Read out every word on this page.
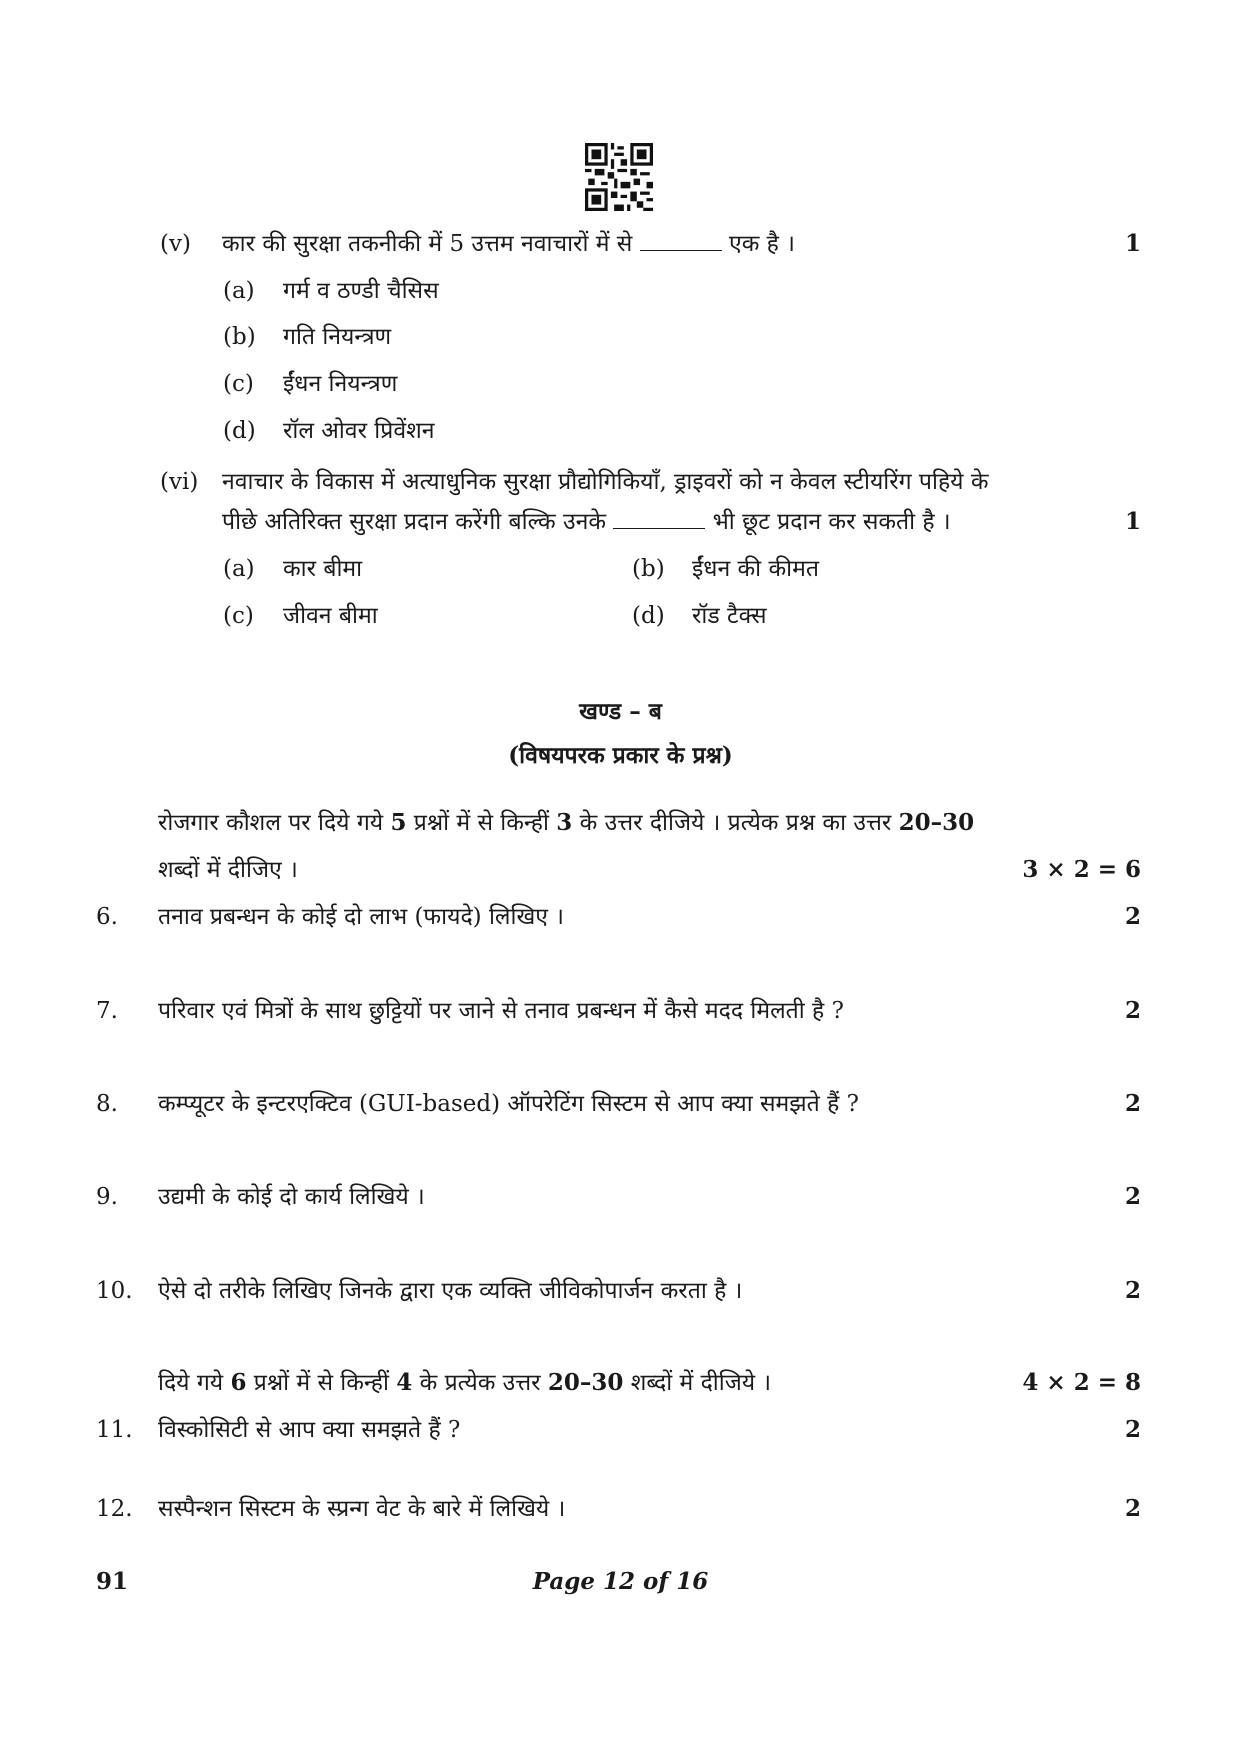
(v) कार की सुरक्षा तकनीकी में 5 उत्तम नवाचारों में से	एक है ।	1
(a) गर्म व ठण्डी चैसिस
(b) गति नियन्त्रण
(c) ईंधन नियन्त्रण
(d) रॉल ओवर प्रिवेंशन
(vi) नवाचार के विकास में अत्याधुनिक सुरक्षा प्रौद्योगिकियाँ, ड्राइवरों को न केवल स्टीयरिंग पहिये के
पीछे अतिरिक्त सुरक्षा प्रदान करेंगी बल्कि उनके	भी छूट प्रदान कर सकती है ।	1
(a) कार बीमा	(b) ईंधन की कीमत
(c) जीवन बीमा	(d) रॉड टैक्स
खण्ड – ब
(विषयपरक प्रकार के प्रश्न)
रोजगार कौशल पर दिये गये 5 प्रश्नों में से किन्हीं 3 के उत्तर दीजिये । प्रत्येक प्रश्न का उत्तर 20–30
शब्दों में दीजिए ।	3 × 2 = 6
6. तनाव प्रबन्धन के कोई दो लाभ (फायदे) लिखिए ।	2
7. परिवार एवं मित्रों के साथ छुट्टियों पर जाने से तनाव प्रबन्धन में कैसे मदद मिलती है ?	2
8. कम्प्यूटर के इन्टरएक्टिव (GUI-based) ऑपरेटिंग सिस्टम से आप क्या समझते हैं ?	2
9. उद्यमी के कोई दो कार्य लिखिये ।	2
10. ऐसे दो तरीके लिखिए जिनके द्वारा एक व्यक्ति जीविकोपार्जन करता है ।	2
दिये गये 6 प्रश्नों में से किन्हीं 4 के प्रत्येक उत्तर 20–30 शब्दों में दीजिये ।	4 × 2 = 8
11. विस्कोसिटी से आप क्या समझते हैं ?	2
12. सस्पैन्शन सिस्टम के स्प्रन्ग वेट के बारे में लिखिये ।	2
91	Page 12 of 16
